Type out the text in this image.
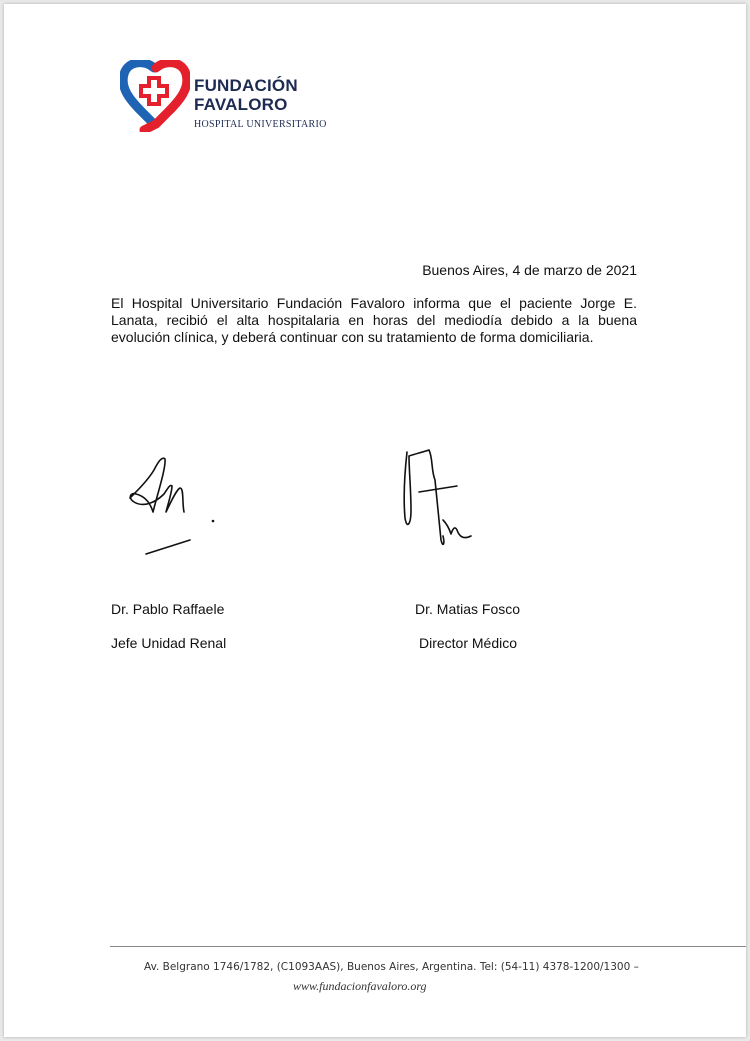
FUNDACIÓN
FAVALORO
HOSPITAL UNIVERSITARIO
Buenos Aires, 4 de marzo de 2021
El Hospital Universitario Fundación Favaloro informa que el paciente Jorge E. Lanata, recibió el alta hospitalaria en horas del mediodía debido a la buena evolución clínica, y deberá continuar con su tratamiento de forma domiciliaria.
Dr. Pablo Raffaele
Jefe Unidad Renal
Dr. Matias Fosco
Director Médico
Av. Belgrano 1746/1782, (C1093AAS), Buenos Aires, Argentina. Tel: (54-11) 4378-1200/1300 –
www.fundacionfavaloro.org
